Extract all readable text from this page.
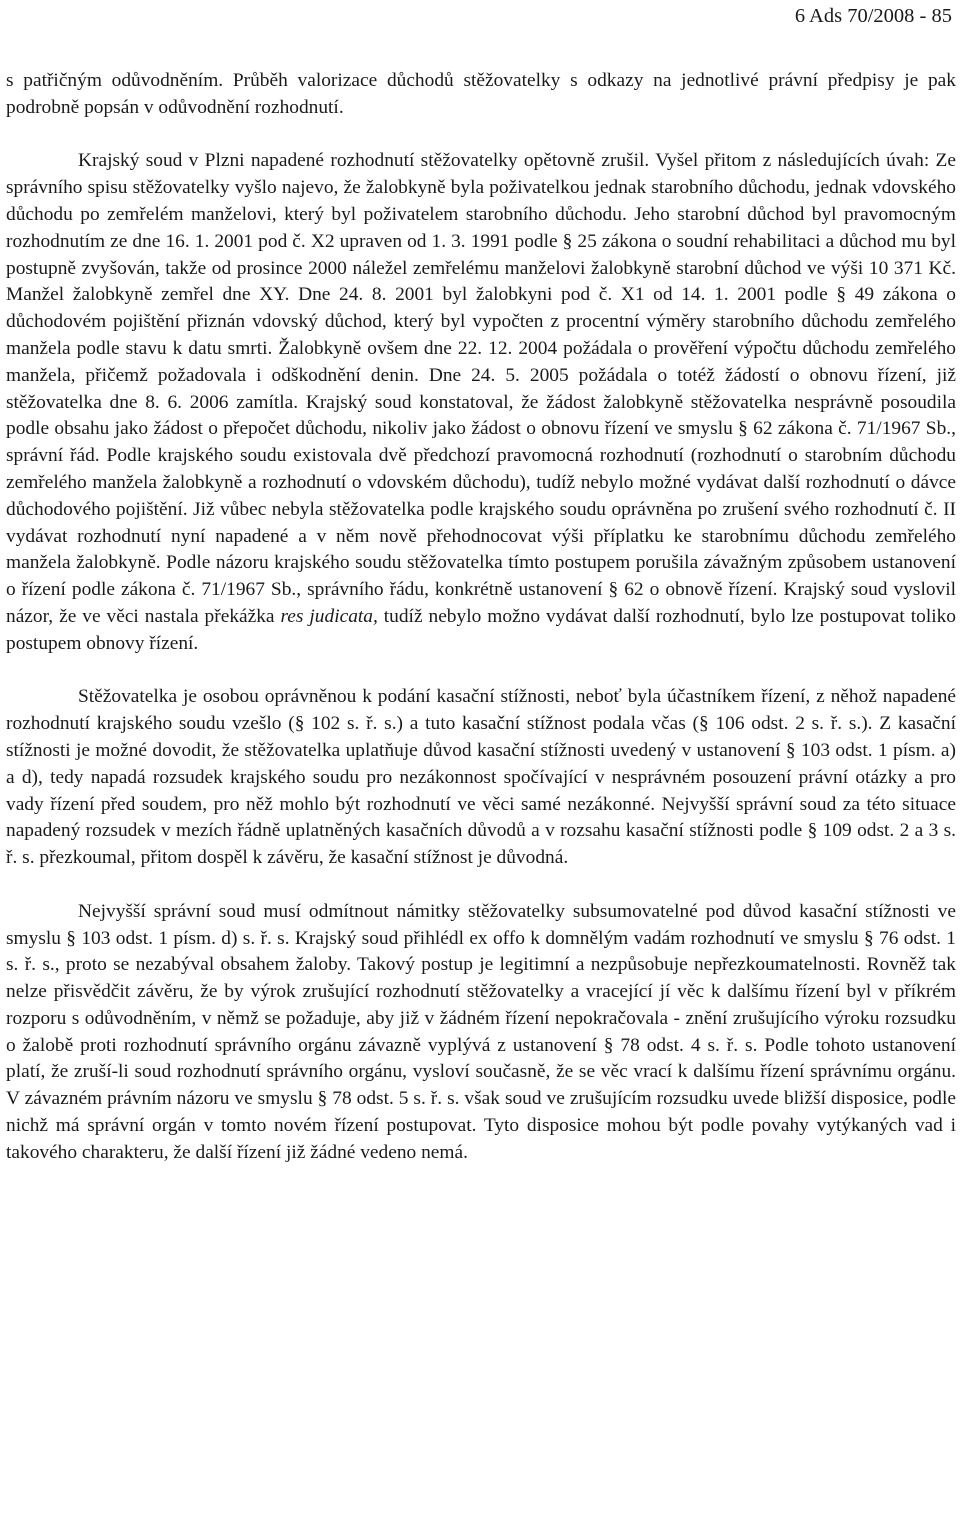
6 Ads 70/2008 - 85

s patřičným odůvodněním. Průběh valorizace důchodů stěžovatelky s odkazy na jednotlivé právní předpisy je pak podrobně popsán v odůvodnění rozhodnutí.

Krajský soud v Plzni napadené rozhodnutí stěžovatelky opětovně zrušil. Vyšel přitom z následujících úvah: Ze správního spisu stěžovatelky vyšlo najevo, že žalobkyně byla poživatelkou jednak starobního důchodu, jednak vdovského důchodu po zemřelém manželovi, který byl poživatelem starobního důchodu. Jeho starobní důchod byl pravomocným rozhodnutím ze dne 16. 1. 2001 pod č. X2 upraven od 1. 3. 1991 podle § 25 zákona o soudní rehabilitaci a důchod mu byl postupně zvyšován, takže od prosince 2000 náležel zemřelému manželovi žalobkyně starobní důchod ve výši 10 371 Kč. Manžel žalobkyně zemřel dne XY. Dne 24. 8. 2001 byl žalobkyni pod č. X1 od 14. 1. 2001 podle § 49 zákona o důchodovém pojištění přiznán vdovský důchod, který byl vypočten z procentní výměry starobního důchodu zemřelého manžela podle stavu k datu smrti. Žalobkyně ovšem dne 22. 12. 2004 požádala o prověření výpočtu důchodu zemřelého manžela, přičemž požadovala i odškodnění denin. Dne 24. 5. 2005 požádala o totéž žádostí o obnovu řízení, již stěžovatelka dne 8. 6. 2006 zamítla. Krajský soud konstatoval, že žádost žalobkyně stěžovatelka nesprávně posoudila podle obsahu jako žádost o přepočet důchodu, nikoliv jako žádost o obnovu řízení ve smyslu § 62 zákona č. 71/1967 Sb., správní řád. Podle krajského soudu existovala dvě předchozí pravomocná rozhodnutí (rozhodnutí o starobním důchodu zemřelého manžela žalobkyně a rozhodnutí o vdovském důchodu), tudíž nebylo možné vydávat další rozhodnutí o dávce důchodového pojištění. Již vůbec nebyla stěžovatelka podle krajského soudu oprávněna po zrušení svého rozhodnutí č. II vydávat rozhodnutí nyní napadené a v něm nově přehodnocovat výši příplatku ke starobnímu důchodu zemřelého manžela žalobkyně. Podle názoru krajského soudu stěžovatelka tímto postupem porušila závažným způsobem ustanovení o řízení podle zákona č. 71/1967 Sb., správního řádu, konkrétně ustanovení § 62 o obnově řízení. Krajský soud vyslovil názor, že ve věci nastala překážka res judicata, tudíž nebylo možno vydávat další rozhodnutí, bylo lze postupovat toliko postupem obnovy řízení.

Stěžovatelka je osobou oprávněnou k podání kasační stížnosti, neboť byla účastníkem řízení, z něhož napadené rozhodnutí krajského soudu vzešlo (§ 102 s. ř. s.) a tuto kasační stížnost podala včas (§ 106 odst. 2 s. ř. s.). Z kasační stížnosti je možné dovodit, že stěžovatelka uplatňuje důvod kasační stížnosti uvedený v ustanovení § 103 odst. 1 písm. a) a d), tedy napadá rozsudek krajského soudu pro nezákonnost spočívající v nesprávném posouzení právní otázky a pro vady řízení před soudem, pro něž mohlo být rozhodnutí ve věci samé nezákonné. Nejvyšší správní soud za této situace napadený rozsudek v mezích řádně uplatněných kasačních důvodů a v rozsahu kasační stížnosti podle § 109 odst. 2 a 3 s. ř. s. přezkoumal, přitom dospěl k závěru, že kasační stížnost je důvodná.

Nejvyšší správní soud musí odmítnout námitky stěžovatelky subsumovatelné pod důvod kasační stížnosti ve smyslu § 103 odst. 1 písm. d) s. ř. s. Krajský soud přihlédl ex offo k domnělým vadám rozhodnutí ve smyslu § 76 odst. 1 s. ř. s., proto se nezabýval obsahem žaloby. Takový postup je legitimní a nezpůsobuje nepřezkoumatelnosti. Rovněž tak nelze přisvědčit závěru, že by výrok zrušující rozhodnutí stěžovatelky a vracející jí věc k dalšímu řízení byl v příkrém rozporu s odůvodněním, v němž se požaduje, aby již v žádném řízení nepokračovala - znění zrušujícího výroku rozsudku o žalobě proti rozhodnutí správního orgánu závazně vyplývá z ustanovení § 78 odst. 4 s. ř. s. Podle tohoto ustanovení platí, že zruší-li soud rozhodnutí správního orgánu, vysloví současně, že se věc vrací k dalšímu řízení správnímu orgánu. V závazném právním názoru ve smyslu § 78 odst. 5 s. ř. s. však soud ve zrušujícím rozsudku uvede bližší disposice, podle nichž má správní orgán v tomto novém řízení postupovat. Tyto disposice mohou být podle povahy vytýkaných vad i takového charakteru, že další řízení již žádné vedeno nemá.
